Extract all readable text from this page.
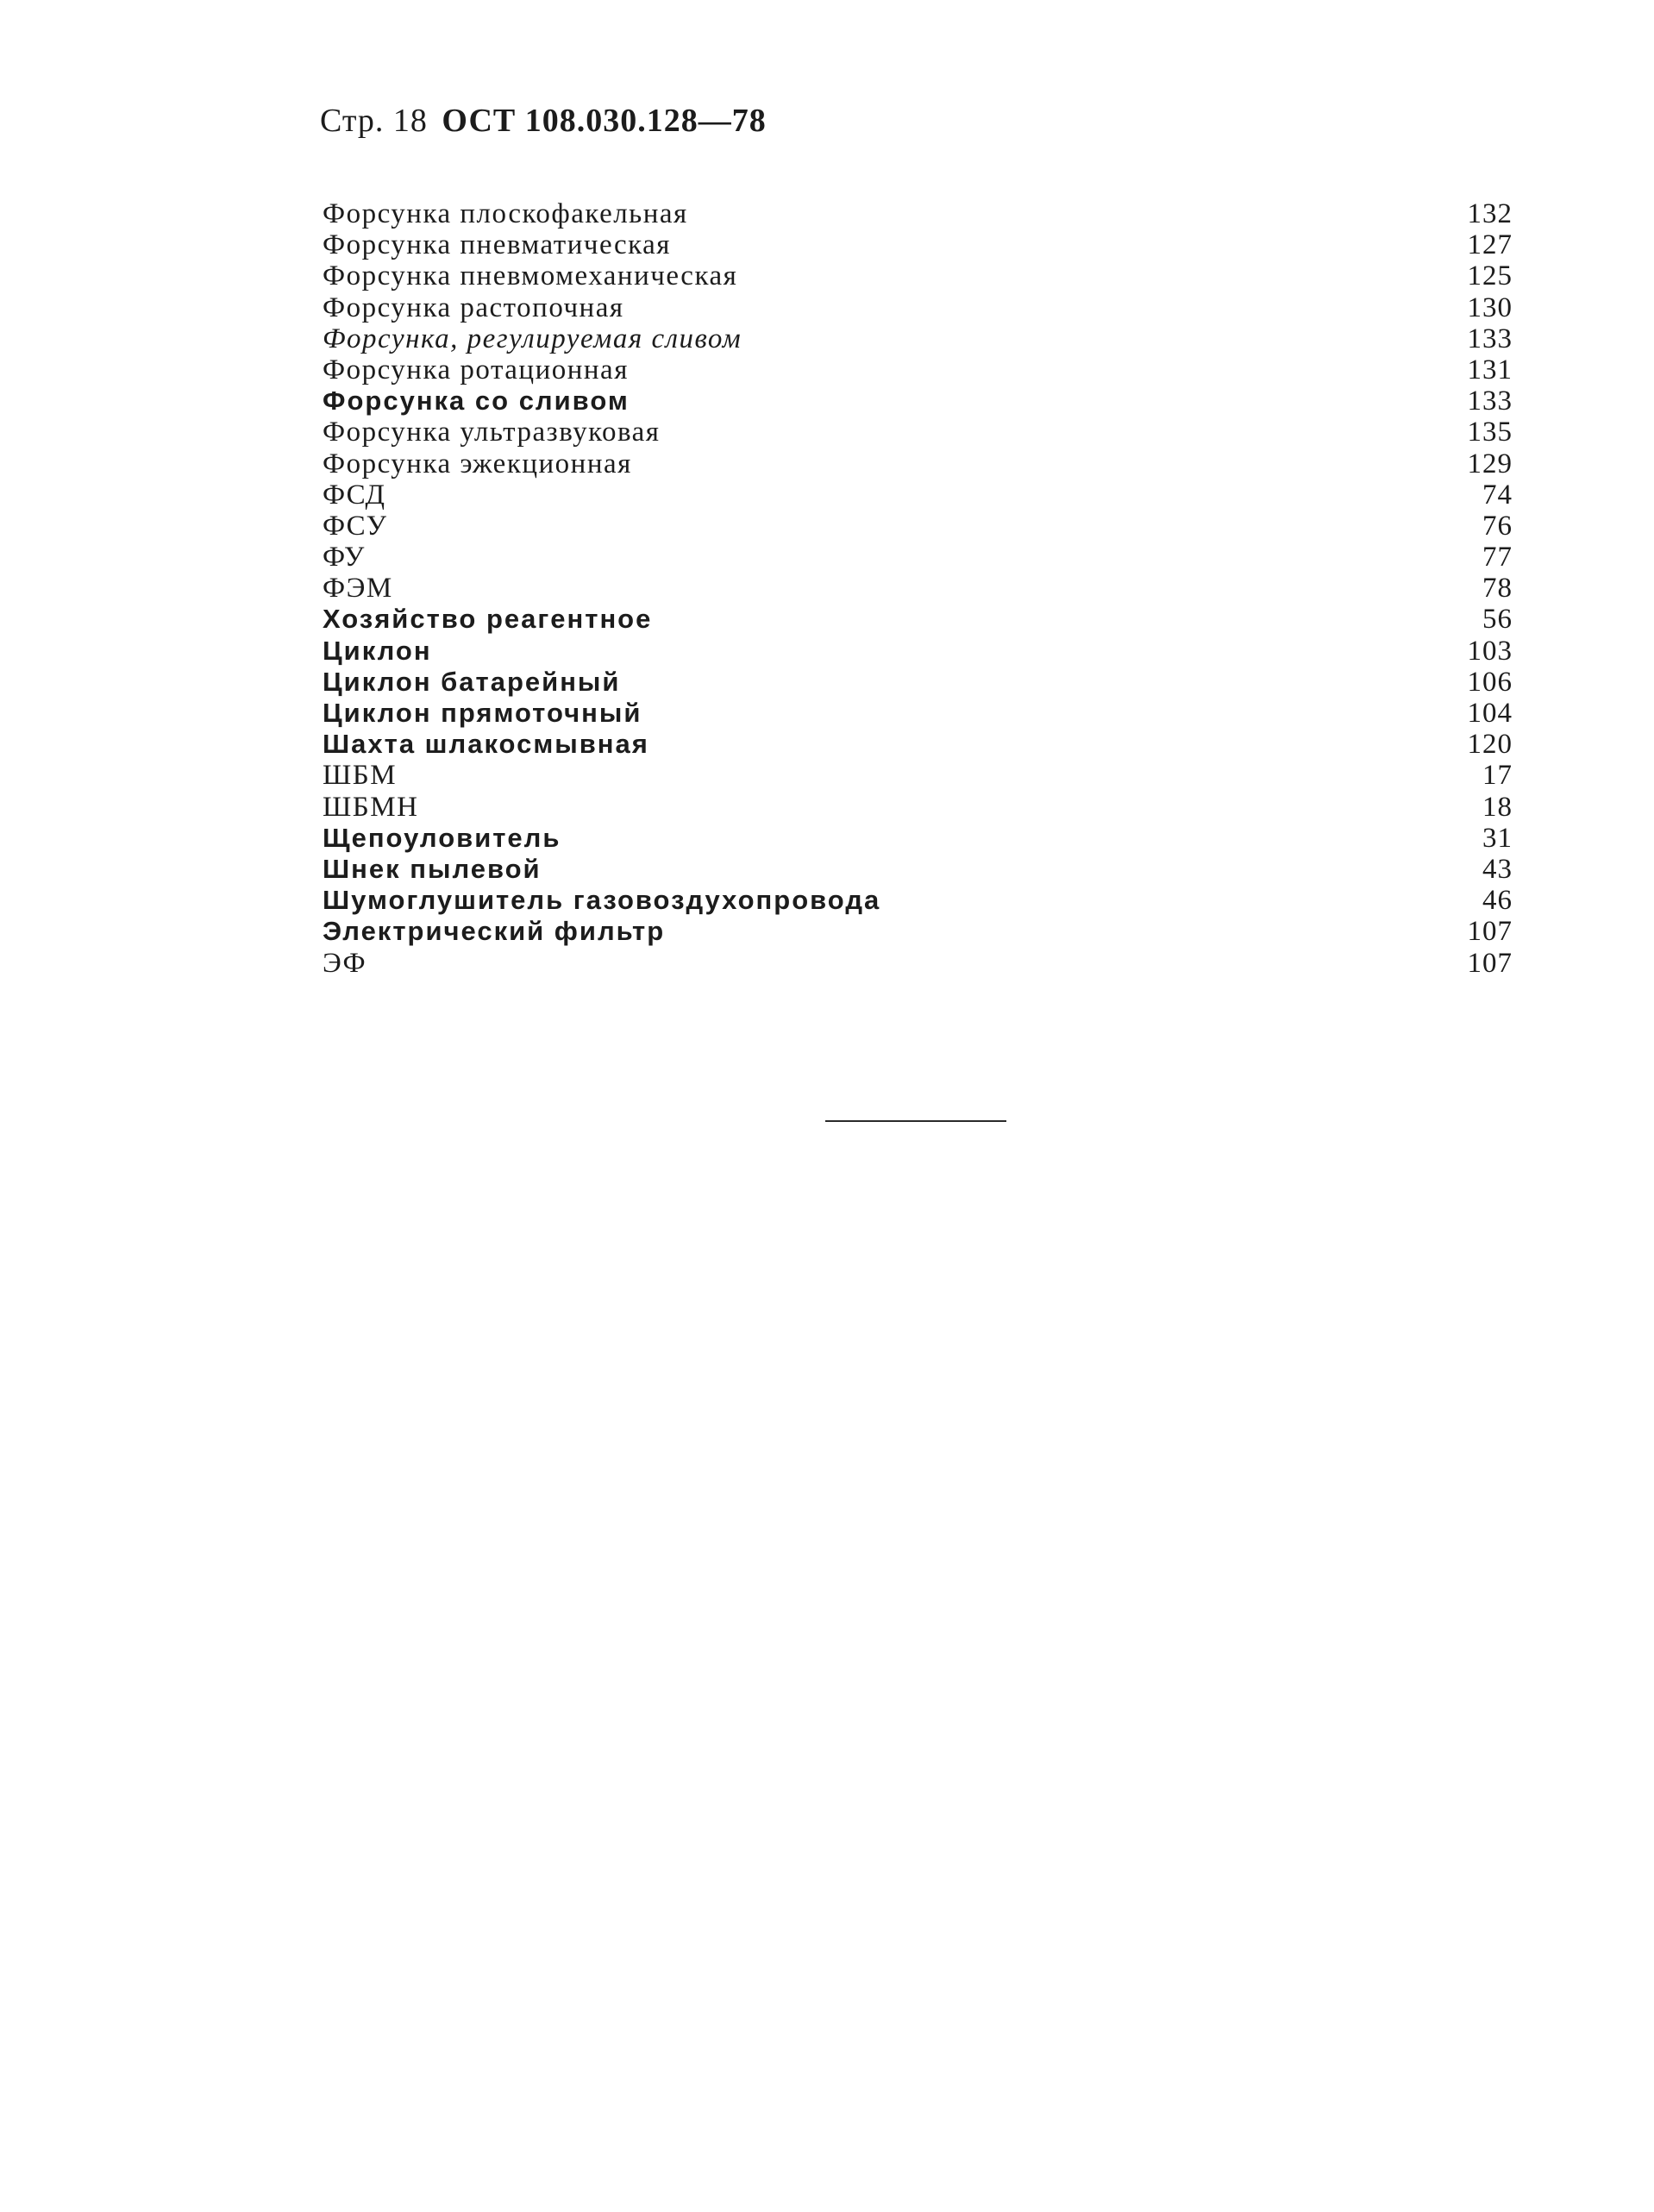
Стр. 18 ОСТ 108.030.128—78
Форсунка плоскофакельная	132
Форсунка пневматическая	127
Форсунка пневмомеханическая	125
Форсунка растопочная	130
Форсунка, регулируемая сливом	133
Форсунка ротационная	131
Форсунка со сливом	133
Форсунка ультразвуковая	135
Форсунка эжекционная	129
ФСД	74
ФСУ	76
ФУ	77
ФЭМ	78
Хозяйство реагентное	56
Циклон	103
Циклон батарейный	106
Циклон прямоточный	104
Шахта шлакосмывная	120
ШБМ	17
ШБМН	18
Щепоуловитель	31
Шнек пылевой	43
Шумоглушитель газовоздухопровода	46
Электрический фильтр	107
ЭФ	107
